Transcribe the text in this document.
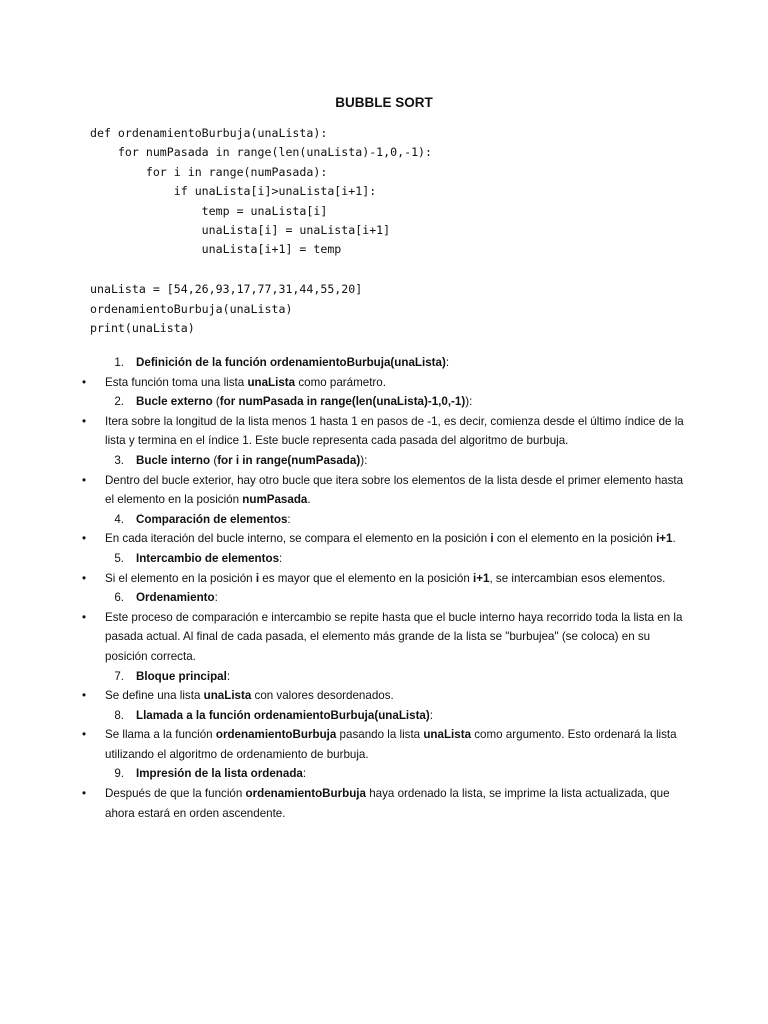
BUBBLE SORT
def ordenamientoBurbuja(unaLista):
for numPasada in range(len(unaLista)-1,0,-1):
for i in range(numPasada):
if unaLista[i]>unaLista[i+1]:
temp = unaLista[i]
unaLista[i] = unaLista[i+1]
unaLista[i+1] = temp
unaLista = [54,26,93,17,77,31,44,55,20]
ordenamientoBurbuja(unaLista)
print(unaLista)
1. Definición de la función ordenamientoBurbuja(unaLista):
• Esta función toma una lista unaLista como parámetro.
2. Bucle externo (for numPasada in range(len(unaLista)-1,0,-1)):
• Itera sobre la longitud de la lista menos 1 hasta 1 en pasos de -1, es decir, comienza desde el último índice de la lista y termina en el índice 1. Este bucle representa cada pasada del algoritmo de burbuja.
3. Bucle interno (for i in range(numPasada)):
• Dentro del bucle exterior, hay otro bucle que itera sobre los elementos de la lista desde el primer elemento hasta el elemento en la posición numPasada.
4. Comparación de elementos:
• En cada iteración del bucle interno, se compara el elemento en la posición i con el elemento en la posición i+1.
5. Intercambio de elementos:
• Si el elemento en la posición i es mayor que el elemento en la posición i+1, se intercambian esos elementos.
6. Ordenamiento:
• Este proceso de comparación e intercambio se repite hasta que el bucle interno haya recorrido toda la lista en la pasada actual. Al final de cada pasada, el elemento más grande de la lista se "burbujea" (se coloca) en su posición correcta.
7. Bloque principal:
• Se define una lista unaLista con valores desordenados.
8. Llamada a la función ordenamientoBurbuja(unaLista):
• Se llama a la función ordenamientoBurbuja pasando la lista unaLista como argumento. Esto ordenará la lista utilizando el algoritmo de ordenamiento de burbuja.
9. Impresión de la lista ordenada:
• Después de que la función ordenamientoBurbuja haya ordenado la lista, se imprime la lista actualizada, que ahora estará en orden ascendente.
